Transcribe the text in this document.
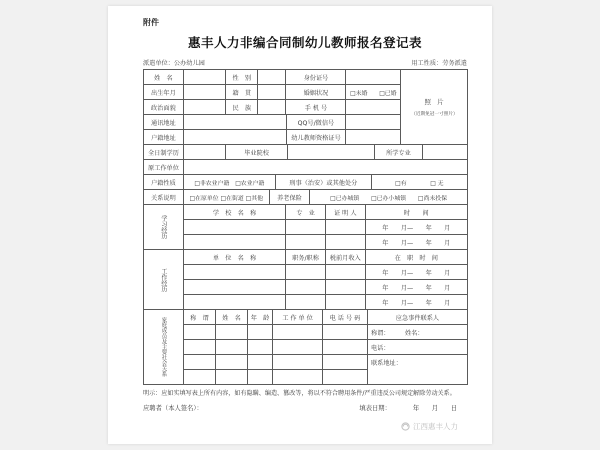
附件
惠丰人力非编合同制幼儿教师报名登记表
派遣单位：公办幼儿园	用工性质：劳务派遣
姓　名	性　别	身份证号
出生年月	籍　贯	婚姻状况	□未婚　　□已婚
政治面貌	民　族	手 机 号
通讯地址	QQ号/微信号
户籍地址	幼儿教师资格证号
照　片
（近期免冠一寸照片）
全日制学历	毕业院校	所学专业
原工作单位
户籍性质	□非农业户籍　□农业户籍	刑事（治安）或其他处分	□有　　　　□ 无
关系说明	□在原单位 □在街道 □其他	养老保险	□已办城镇　　□已办小城镇　　□尚未投保
学习经历
学　校　名　称	专　业	证 明 人	时　　间
年　　月—　　年　　月
年　　月—　　年　　月
工作经历
单　位　名　称	职务/职称	税前月收入	在　职　时　间
年　　月—　　年　　月
年　　月—　　年　　月
年　　月—　　年　　月
家庭成员及主要社会关系	称　谓	姓　名	年　龄	工 作 单 位	电 话 号 码	应急事件联系人
称谓：　　　姓名：
电话：
联系地址：
明示：应如实填写表上所有内容，如有隐瞒、编造、篡改等，将以不符合聘用条件/严重违反公司规定解除劳动关系。
应聘者（本人签名）：	填表日期：　　　　年　　月　　日
江西惠丰人力
